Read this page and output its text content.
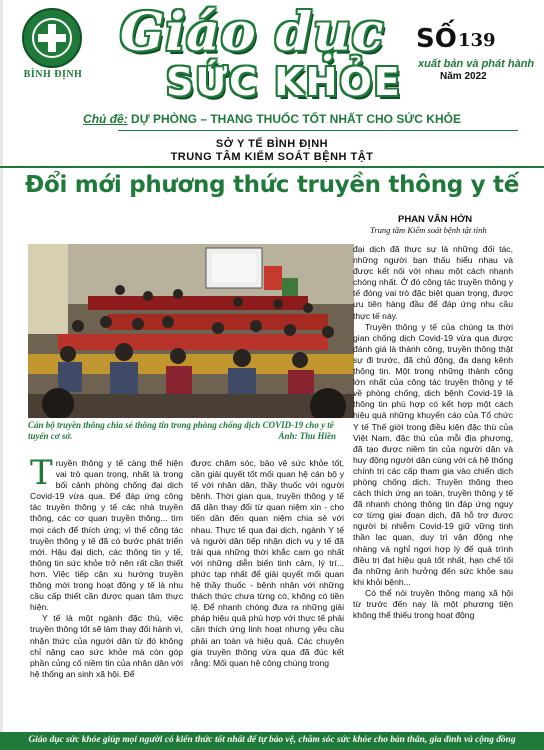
BÌNH ĐỊNH
Giáo dục
SỨC KHỎE
SỐ 139
xuất bản và phát hành
Năm 2022
Chủ đề: DỰ PHÒNG – THANG THUỐC TỐT NHẤT CHO SỨC KHỎE
SỞ Y TẾ BÌNH ĐỊNH
TRUNG TÂM KIỂM SOÁT BỆNH TẬT
Đổi mới phương thức truyền thông y tế
PHAN VĂN HỚN
Trung tâm Kiểm soát bệnh tật tỉnh
Cán bộ truyền thông chia sẻ thông tin trong phòng chống dịch COVID-19 cho y tế tuyến cơ sở.	Ảnh: Thu Hiền

Truyền thông y tế càng thể hiện vai trò quan trọng, nhất là trong bối cảnh phòng chống đại dịch Covid-19 vừa qua. Để đáp ứng công tác truyền thông y tế các nhà truyền thông, các cơ quan truyền thông... tìm mọi cách để thích ứng; vì thế công tác truyền thông y tế đã có bước phát triển mới. Hậu đại dịch, các thông tin y tế, thông tin sức khỏe trở nên rất cần thiết hơn. Việc tiếp cận xu hướng truyền thông mới trong hoạt động y tế là nhu cầu cấp thiết cần được quan tâm thực hiện.

Y tế là một ngành đặc thù, việc truyền thông tốt sẽ làm thay đổi hành vi, nhận thức của người dân từ đó không chỉ nâng cao sức khỏe mà còn góp phần củng cố niềm tin của nhân dân với hệ thống an sinh xã hội. Để

được chăm sóc, bảo vệ sức khỏe tốt, cần giải quyết tốt mối quan hệ cán bộ y tế với nhân dân, thầy thuốc với người bệnh. Thời gian qua, truyền thông y tế đã dần thay đổi từ quan niệm xin - cho tiến dần đến quan niệm chia sẻ với nhau. Thực tế qua đại dịch, ngành Y tế và người dân tiếp nhận dịch vụ y tế đã trải qua những thời khắc cam go nhất với những diễn biến tinh cảm, lý trí... phức tạp nhất để giải quyết mối quan hệ thầy thuốc - bệnh nhân với những thách thức chưa từng có, không có tiền lệ. Để nhanh chóng đưa ra những giải pháp hiệu quả phù hợp với thực tế phải cần thích ứng linh hoạt nhưng yêu cầu phải an toàn và hiệu quả. Các chuyên gia truyền thông vừa qua đã đúc kết rằng: Mối quan hệ công chúng trong

đại dịch đã thực sự là những đối tác, những người bạn thấu hiểu nhau và được kết nối với nhau một cách nhanh chóng nhất. Ở đó công tác truyền thông y tế đóng vai trò đặc biệt quan trọng, được ưu tiên hàng đầu để đáp ứng nhu cầu thực tế này.

Truyền thông y tế của chúng ta thời gian chống dịch Covid-19 vừa qua được đánh giá là thành công, truyền thông thật sự đi trước, đã chủ động, đa dạng kênh thông tin. Một trong những thành công lớn nhất của công tác truyền thông y tế về phòng chống, dịch bệnh Covid-19 là thông tin phù hợp có kết hợp một cách hiệu quả những khuyến cáo của Tổ chức Y tế Thế giới trong điều kiện đặc thù của Việt Nam, đặc thù của mỗi địa phương, đã tạo được niềm tin của người dân và huy động người dân cùng với cả hệ thống chính trị các cấp tham gia vào chiến dịch phòng chống dịch. Truyền thông theo cách thích ứng an toàn, truyền thông y tế đã nhanh chóng thông tin đáp ứng nguy cơ từng giai đoạn dịch, đã hỗ trợ được người bị nhiễm Covid-19 giữ vững tinh thần lạc quan, duy trì vận động nhẹ nhàng và nghỉ ngơi hợp lý để quá trình điều trị đạt hiệu quả tốt nhất, hạn chế tối đa những ảnh hưởng đến sức khỏe sau khi khỏi bệnh...

Có thể nói truyền thông mạng xã hội từ trước đến nay là một phương tiện không thể thiếu trong hoạt động

Giáo dục sức khỏe giúp mọi người có kiến thức tốt nhất để tự bảo vệ, chăm sóc sức khỏe cho bản thân, gia đình và cộng đồng
